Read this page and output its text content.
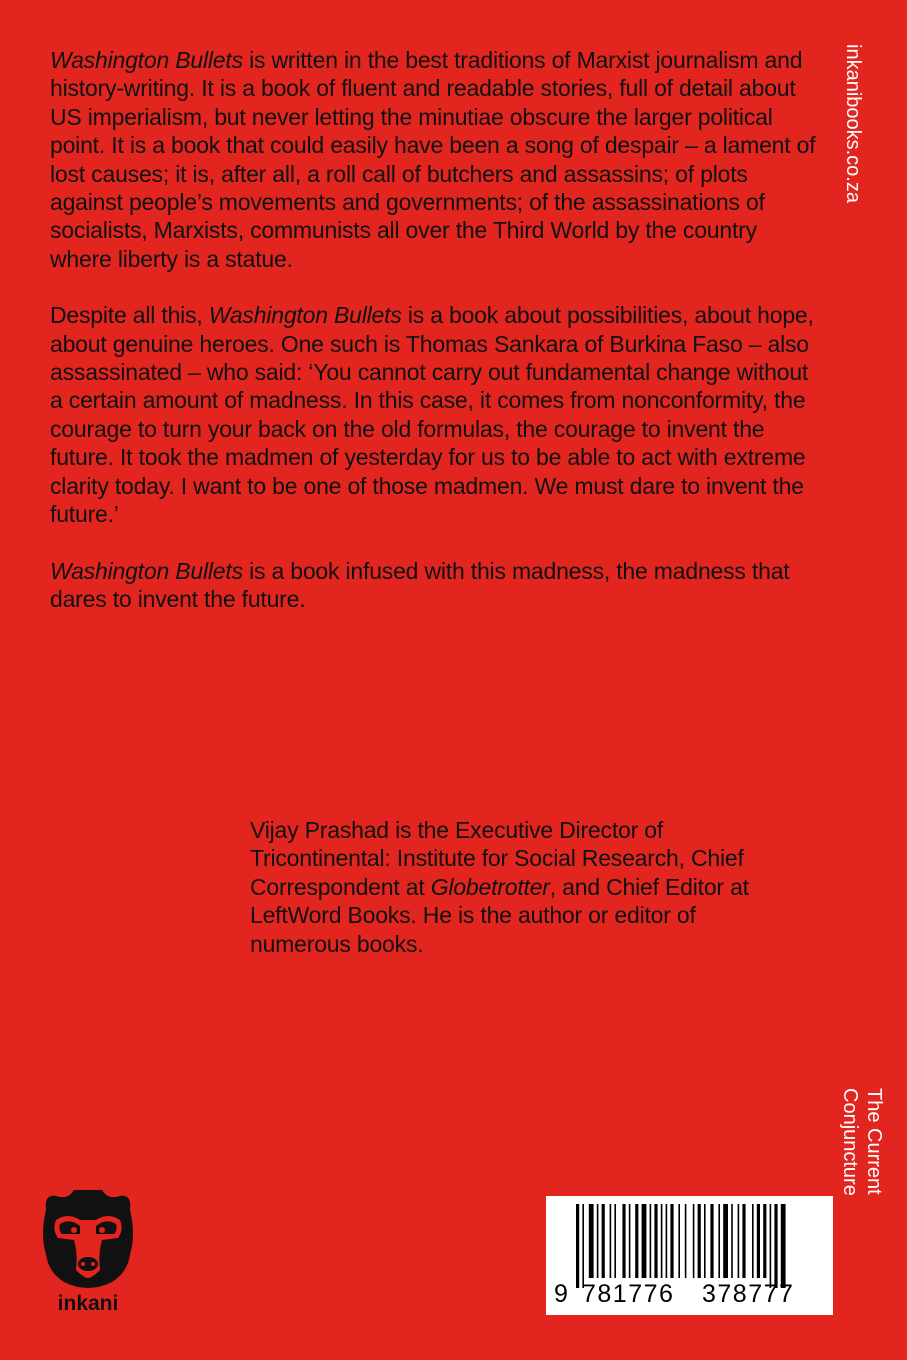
Washington Bullets is written in the best traditions of Marxist journalism and history-writing. It is a book of fluent and readable stories, full of detail about US imperialism, but never letting the minutiae obscure the larger political point. It is a book that could easily have been a song of despair – a lament of lost causes; it is, after all, a roll call of butchers and assassins; of plots against people’s movements and governments; of the assassinations of socialists, Marxists, communists all over the Third World by the country where liberty is a statue.

Despite all this, Washington Bullets is a book about possibilities, about hope, about genuine heroes. One such is Thomas Sankara of Burkina Faso – also assassinated – who said: ‘You cannot carry out fundamental change without a certain amount of madness. In this case, it comes from nonconformity, the courage to turn your back on the old formulas, the courage to invent the future. It took the madmen of yesterday for us to be able to act with extreme clarity today. I want to be one of those madmen. We must dare to invent the future.’

Washington Bullets is a book infused with this madness, the madness that dares to invent the future.

Vijay Prashad is the Executive Director of Tricontinental: Institute for Social Research, Chief Correspondent at Globetrotter, and Chief Editor at LeftWord Books. He is the author or editor of numerous books.

inkanibooks.co.za
The Current
Conjuncture
inkani	9 781776 378777
